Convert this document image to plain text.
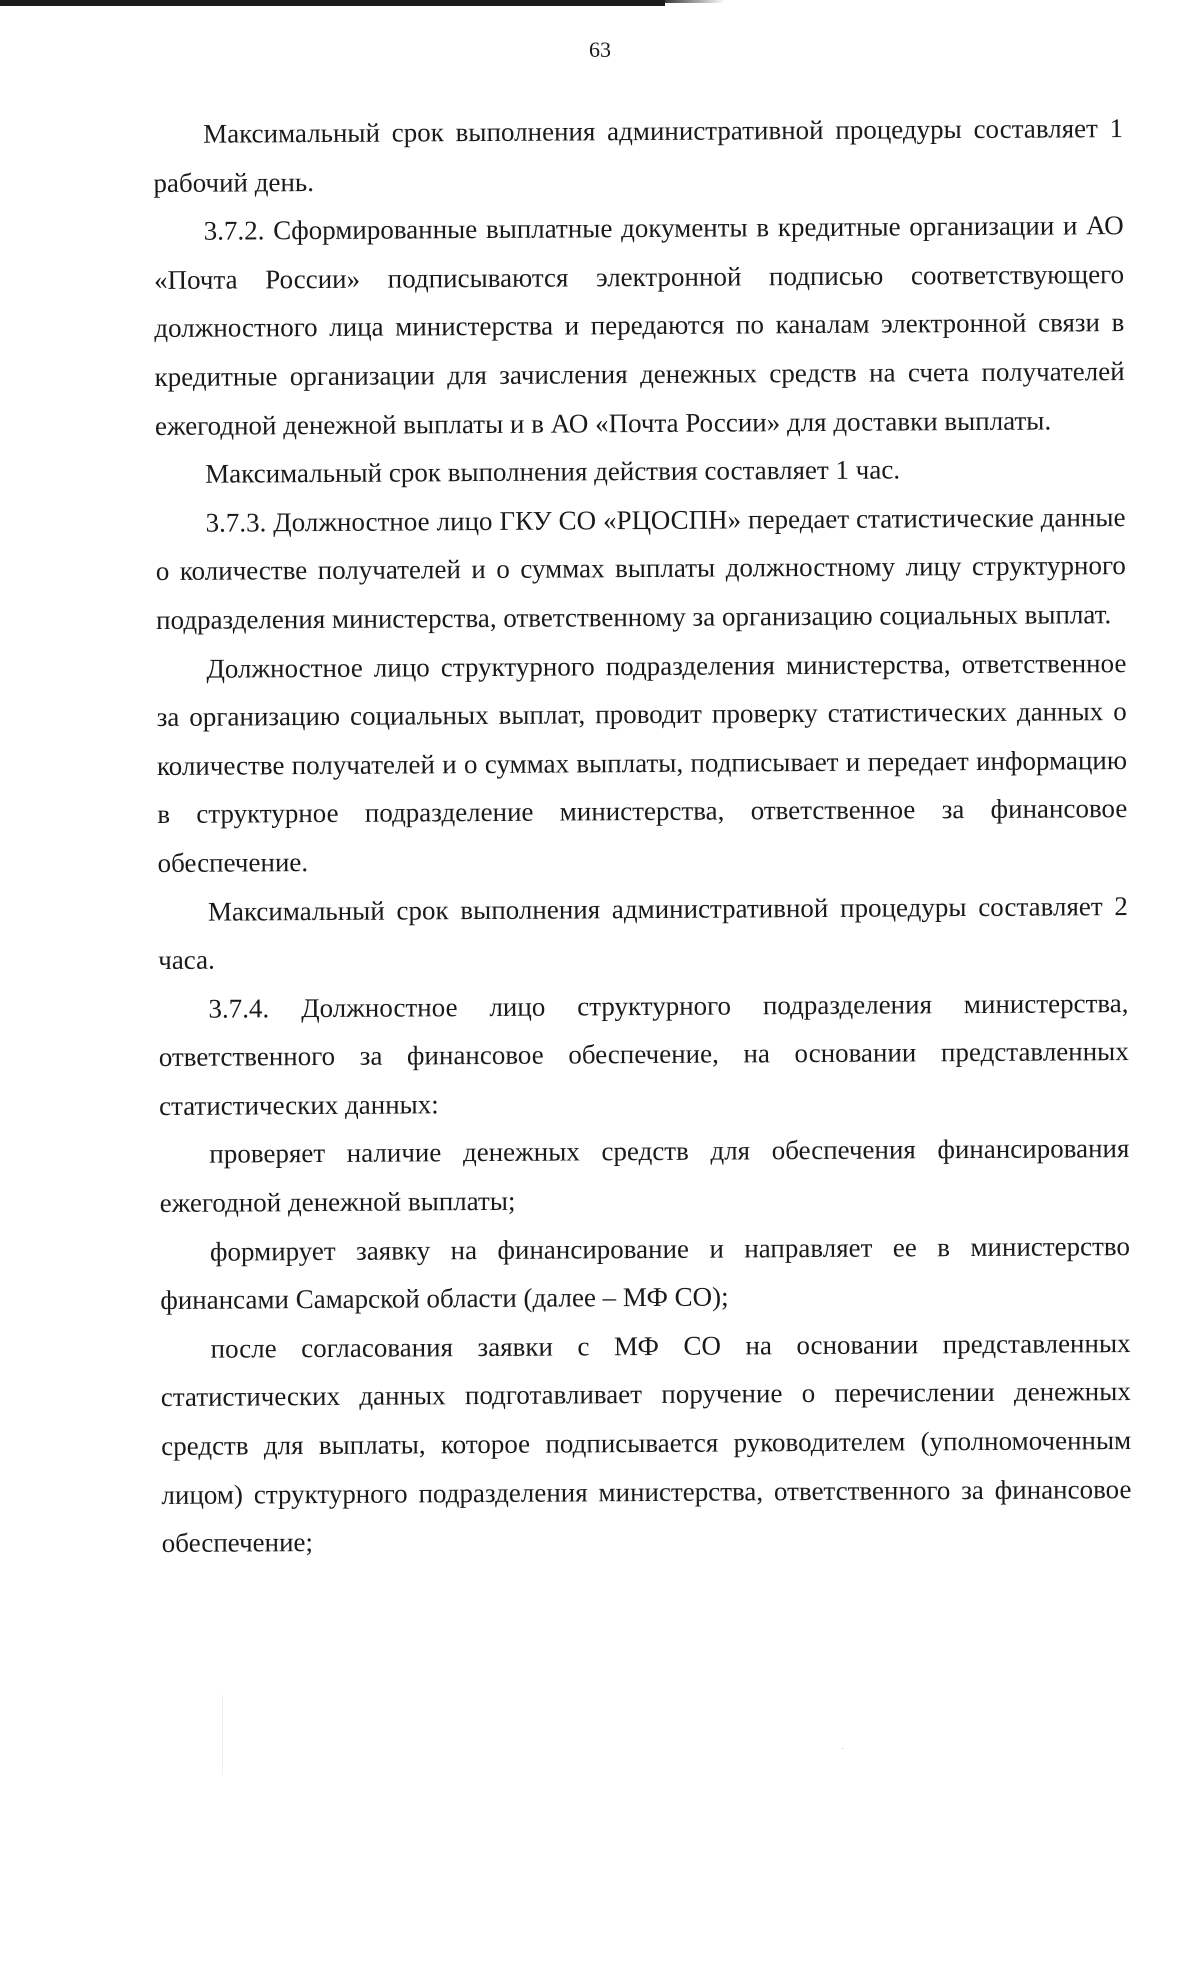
63

Максимальный срок выполнения административной процедуры составляет 1 рабочий день.

3.7.2. Сформированные выплатные документы в кредитные организации и АО «Почта России» подписываются электронной подписью соответствующего должностного лица министерства и передаются по каналам электронной связи в кредитные организации для зачисления денежных средств на счета получателей ежегодной денежной выплаты и в АО «Почта России» для доставки выплаты.

Максимальный срок выполнения действия составляет 1 час.

3.7.3. Должностное лицо ГКУ СО «РЦОСПН» передает статистические данные о количестве получателей и о суммах выплаты должностному лицу структурного подразделения министерства, ответственному за организацию социальных выплат.

Должностное лицо структурного подразделения министерства, ответственное за организацию социальных выплат, проводит проверку статистических данных о количестве получателей и о суммах выплаты, подписывает и передает информацию в структурное подразделение министерства, ответственное за финансовое обеспечение.

Максимальный срок выполнения административной процедуры составляет 2 часа.

3.7.4. Должностное лицо структурного подразделения министерства, ответственного за финансовое обеспечение, на основании представленных статистических данных:

проверяет наличие денежных средств для обеспечения финансирования ежегодной денежной выплаты;

формирует заявку на финансирование и направляет ее в министерство финансами Самарской области (далее – МФ СО);

после согласования заявки с МФ СО на основании представленных статистических данных подготавливает поручение о перечислении денежных средств для выплаты, которое подписывается руководителем (уполномоченным лицом) структурного подразделения министерства, ответственного за финансовое обеспечение;
